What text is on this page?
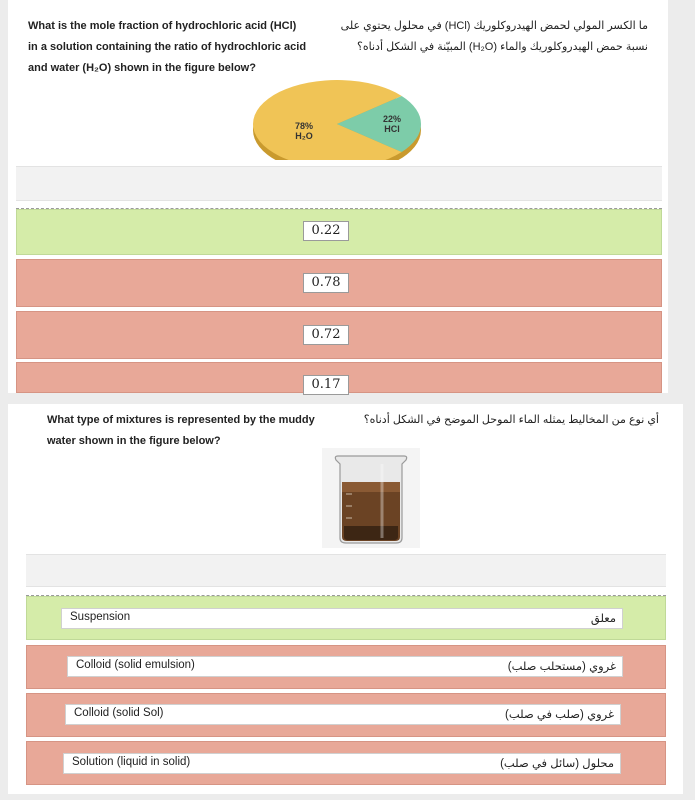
What is the mole fraction of hydrochloric acid (HCl)
in a solution containing the ratio of hydrochloric acid
and water (H₂O) shown in the figure below?
ما الكسر المولي لحمض الهيدروكلوريك (HCl) في محلول يحتوي على
نسبة حمض الهيدروكلوريك والماء (H₂O) المبيّنة في الشكل أدناه؟
78%
H₂O
22%
HCl
0.22
0.78
0.72
0.17
What type of mixtures is represented by the muddy
water shown in the figure below?
أي نوع من المخاليط يمثله الماء الموحل الموضح في الشكل أدناه؟
Suspension	معلق
Colloid (solid emulsion)	غروي (مستحلب صلب)
Colloid (solid Sol)	غروي (صلب في صلب)
Solution (liquid in solid)	محلول (سائل في صلب)
